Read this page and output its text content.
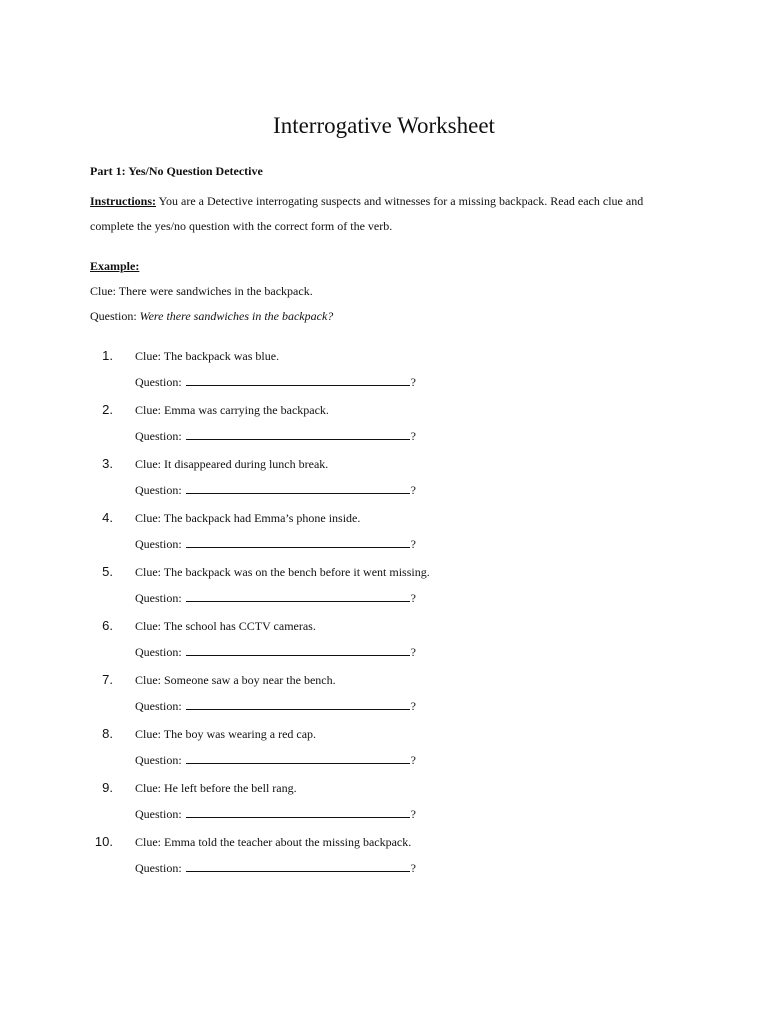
Interrogative Worksheet
Part 1: Yes/No Question Detective
Instructions: You are a Detective interrogating suspects and witnesses for a missing backpack. Read each clue and complete the yes/no question with the correct form of the verb.
Example:
Clue: There were sandwiches in the backpack.
Question: Were there sandwiches in the backpack?
1. Clue: The backpack was blue.
Question:	?
2. Clue: Emma was carrying the backpack.
Question:	?
3. Clue: It disappeared during lunch break.
Question:	?
4. Clue: The backpack had Emma’s phone inside.
Question:	?
5. Clue: The backpack was on the bench before it went missing.
Question:	?
6. Clue: The school has CCTV cameras.
Question:	?
7. Clue: Someone saw a boy near the bench.
Question:	?
8. Clue: The boy was wearing a red cap.
Question:	?
9. Clue: He left before the bell rang.
Question:	?
10. Clue: Emma told the teacher about the missing backpack.
Question:	?
